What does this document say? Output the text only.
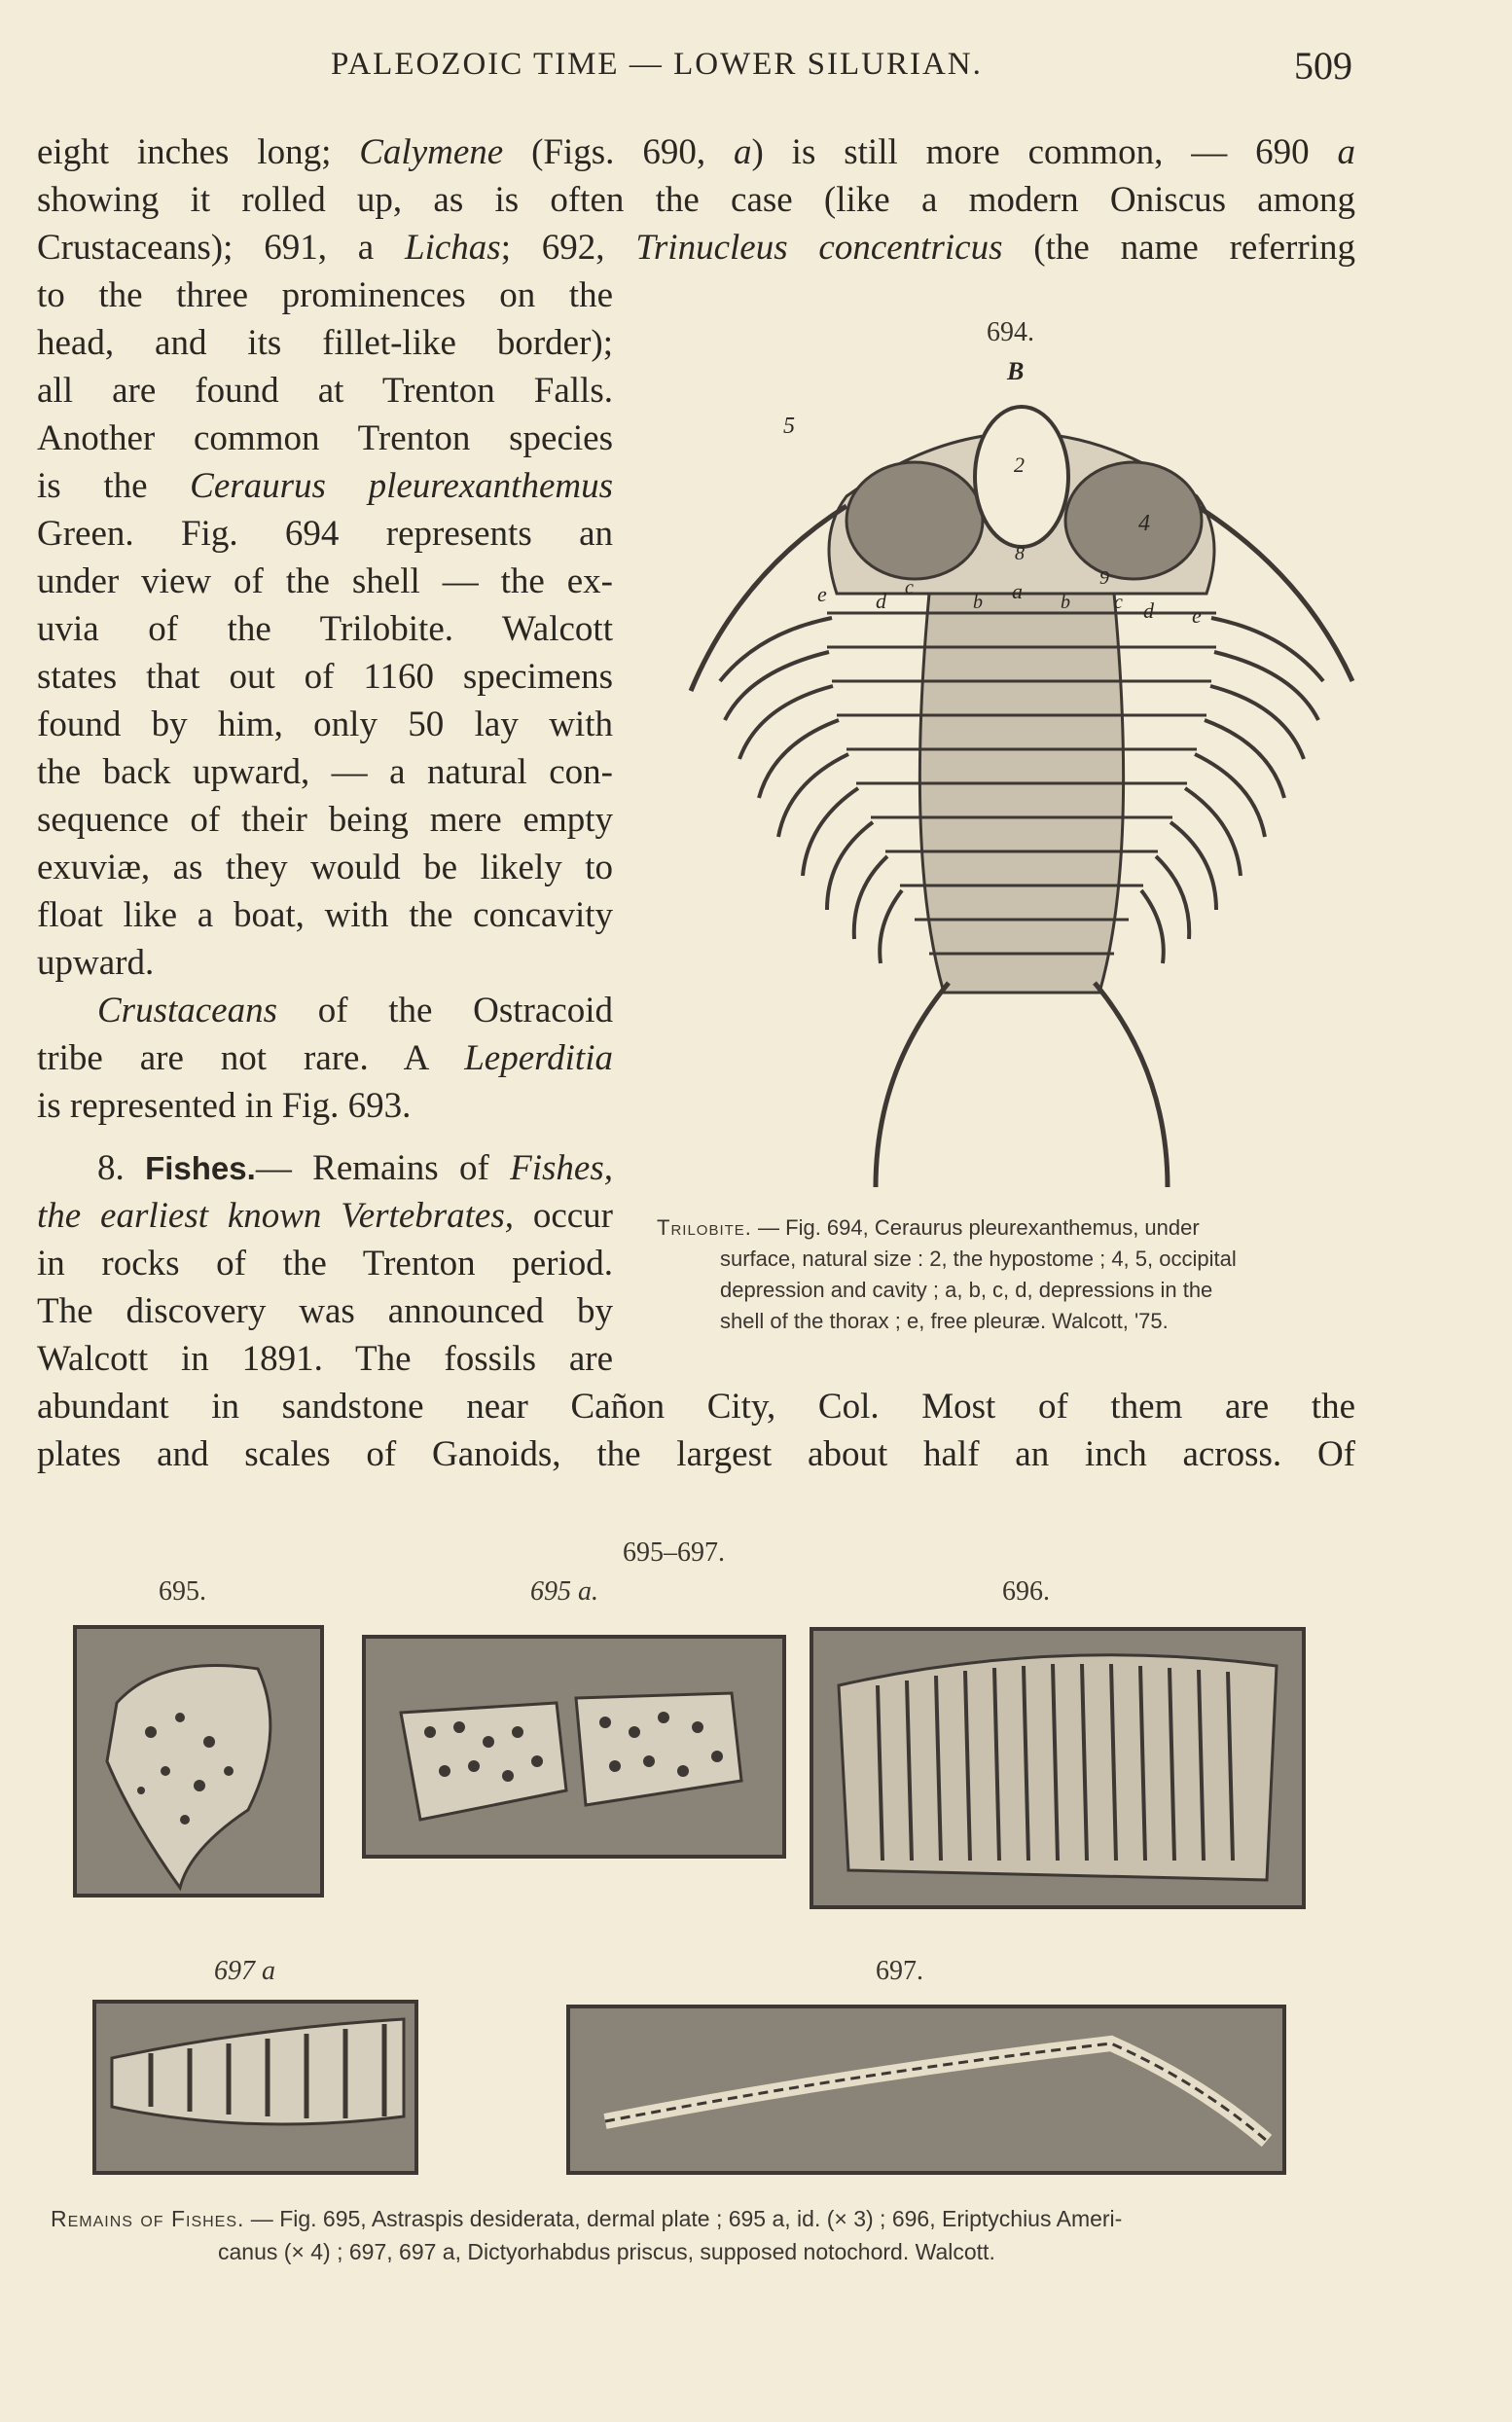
PALEOZOIC TIME — LOWER SILURIAN.	509
eight inches long; Calymene (Figs. 690, a) is still more common, — 690 a
showing it rolled up, as is often the case (like a modern Oniscus among
Crustaceans); 691, a Lichas; 692, Trinucleus concentricus (the name referring
to the three prominences on the
head, and its fillet-like border);
all are found at Trenton Falls.
Another common Trenton species
is the Ceraurus pleurexanthemus
Green. Fig. 694 represents an
under view of the shell — the ex-
uvia of the Trilobite. Walcott
states that out of 1160 specimens
found by him, only 50 lay with
the back upward, — a natural con-
sequence of their being mere empty
exuviæ, as they would be likely to
float like a boat, with the concavity
upward.
Crustaceans of the Ostracoid
tribe are not rare. A Leperditia
is represented in Fig. 693.
8. Fishes.— Remains of Fishes,
the earliest known Vertebrates, occur
in rocks of the Trenton period.
The discovery was announced by
Walcott in 1891. The fossils are
abundant in sandstone near Cañon City, Col. Most of them are the
plates and scales of Ganoids, the largest about half an inch across. Of
694.
B
5
2
4
8
9
a
b	b
c
c
d	d
e
e
Trilobite. — Fig. 694, Ceraurus pleurexanthemus, under
surface, natural size : 2, the hypostome ; 4, 5, occipital
depression and cavity ; a, b, c, d, depressions in the
shell of the thorax ; e, free pleuræ. Walcott, '75.
695–697.
695.	695 a.	696.
697 a	697.
Remains of Fishes. — Fig. 695, Astraspis desiderata, dermal plate ; 695 a, id. (× 3) ; 696, Eriptychius Ameri-
canus (× 4) ; 697, 697 a, Dictyorhabdus priscus, supposed notochord. Walcott.
